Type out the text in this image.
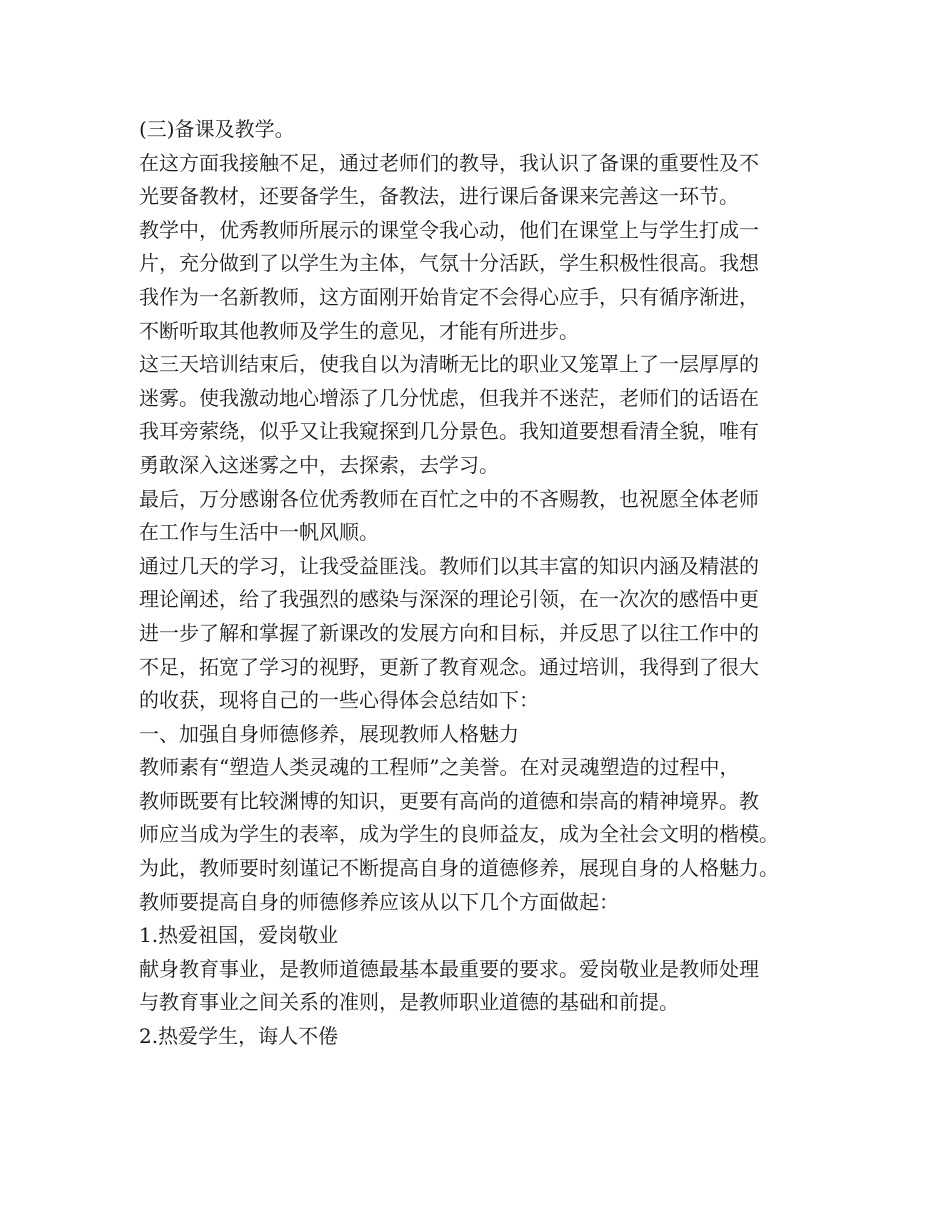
(三)备课及教学。
在这方面我接触不足，通过老师们的教导，我认识了备课的重要性及不
光要备教材，还要备学生，备教法，进行课后备课来完善这一环节。
教学中，优秀教师所展示的课堂令我心动，他们在课堂上与学生打成一
片，充分做到了以学生为主体，气氛十分活跃，学生积极性很高。我想
我作为一名新教师，这方面刚开始肯定不会得心应手，只有循序渐进，
不断听取其他教师及学生的意见，才能有所进步。
这三天培训结束后，使我自以为清晰无比的职业又笼罩上了一层厚厚的
迷雾。使我激动地心增添了几分忧虑，但我并不迷茫，老师们的话语在
我耳旁萦绕，似乎又让我窥探到几分景色。我知道要想看清全貌，唯有
勇敢深入这迷雾之中，去探索，去学习。
最后，万分感谢各位优秀教师在百忙之中的不吝赐教，也祝愿全体老师
在工作与生活中一帆风顺。
通过几天的学习，让我受益匪浅。教师们以其丰富的知识内涵及精湛的
理论阐述，给了我强烈的感染与深深的理论引领，在一次次的感悟中更
进一步了解和掌握了新课改的发展方向和目标，并反思了以往工作中的
不足，拓宽了学习的视野，更新了教育观念。通过培训，我得到了很大
的收获，现将自己的一些心得体会总结如下：
一、加强自身师德修养，展现教师人格魅力
教师素有“塑造人类灵魂的工程师”之美誉。在对灵魂塑造的过程中，
教师既要有比较渊博的知识，更要有高尚的道德和崇高的精神境界。教
师应当成为学生的表率，成为学生的良师益友，成为全社会文明的楷模。
为此，教师要时刻谨记不断提高自身的道德修养，展现自身的人格魅力。
教师要提高自身的师德修养应该从以下几个方面做起：
1.热爱祖国，爱岗敬业
献身教育事业，是教师道德最基本最重要的要求。爱岗敬业是教师处理
与教育事业之间关系的准则，是教师职业道德的基础和前提。
2.热爱学生，诲人不倦
